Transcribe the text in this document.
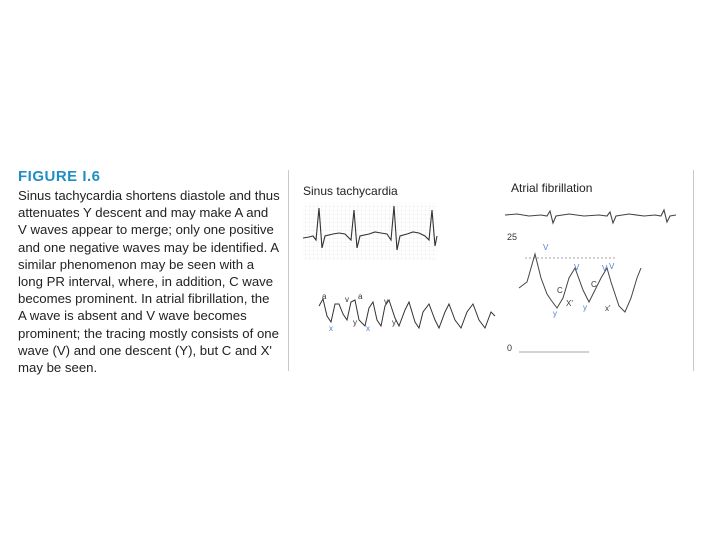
FIGURE I.6

Sinus tachycardia shortens diastole and thus attenuates Y descent and may make A and V waves appear to merge; only one positive and one negative waves may be identified. A similar phenomenon may be seen with a long PR interval, where, in addition, C wave becomes prominent. In atrial fibrillation, the A wave is absent and V wave becomes prominent; the tracing mostly consists of one wave (V) and one descent (Y), but C and X' may be seen.

Sinus tachycardia
a v a
v
x
y
x
y
Atrial fibrillation
25
0
V
V	V V
C
C
X'
x'
y
y
